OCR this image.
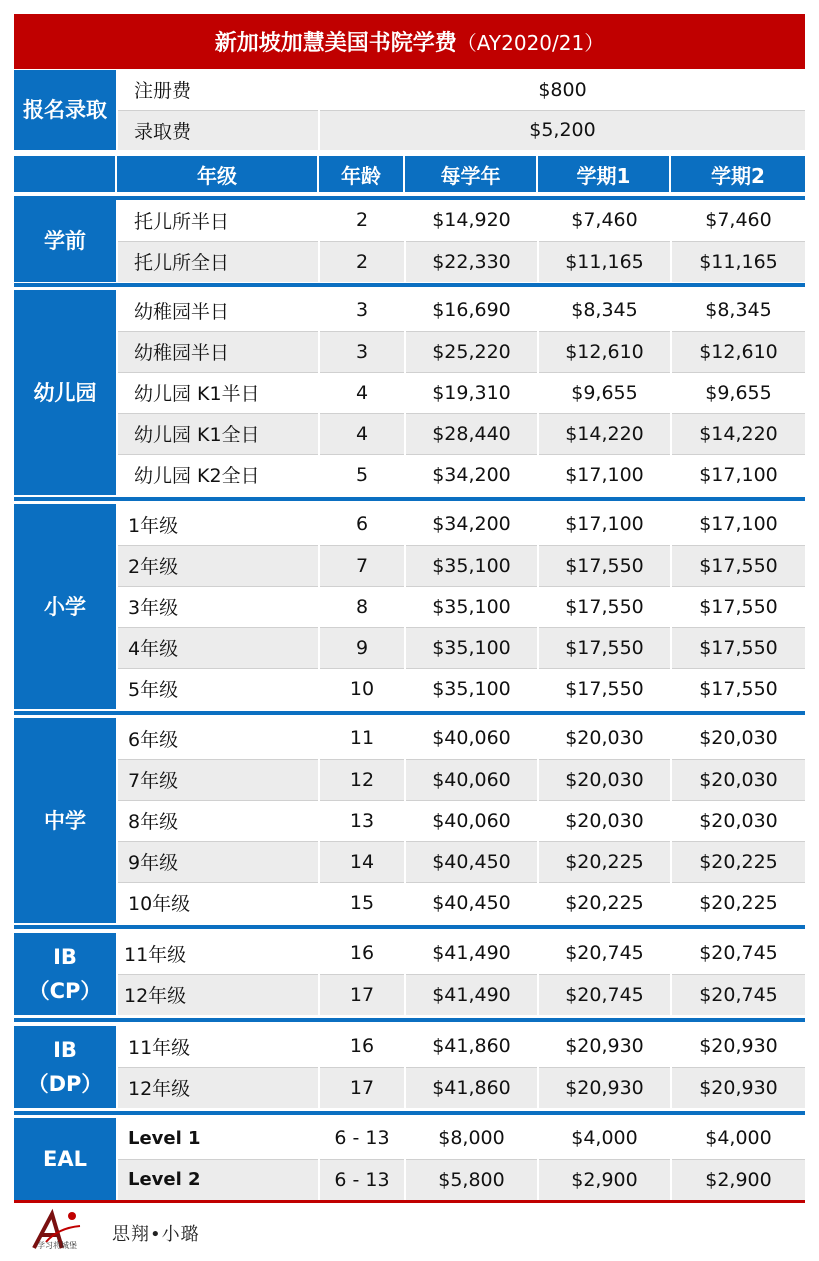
新加坡加慧美国书院学费 （AY2020/21）
报名录取	注册费	$800
	录取费	$5,200
年级	年龄	每学年	学期1	学期2
学前	托儿所半日	2	$14,920	$7,460	$7,460
	托儿所全日	2	$22,330	$11,165	$11,165
幼儿园	幼稚园半日	3	$16,690	$8,345	$8,345
	幼稚园半日	3	$25,220	$12,610	$12,610
	幼儿园 K1半日	4	$19,310	$9,655	$9,655
	幼儿园 K1全日	4	$28,440	$14,220	$14,220
	幼儿园 K2全日	5	$34,200	$17,100	$17,100
小学	1年级	6	$34,200	$17,100	$17,100
	2年级	7	$35,100	$17,550	$17,550
	3年级	8	$35,100	$17,550	$17,550
	4年级	9	$35,100	$17,550	$17,550
	5年级	10	$35,100	$17,550	$17,550
中学	6年级	11	$40,060	$20,030	$20,030
	7年级	12	$40,060	$20,030	$20,030
	8年级	13	$40,060	$20,030	$20,030
	9年级	14	$40,450	$20,225	$20,225
	10年级	15	$40,450	$20,225	$20,225
IB
（CP）	11年级	16	$41,490	$20,745	$20,745
	12年级	17	$41,490	$20,745	$20,745
IB
（DP）	11年级	16	$41,860	$20,930	$20,930
	12年级	17	$41,860	$20,930	$20,930
EAL	Level 1	6 - 13	$8,000	$4,000	$4,000
	Level 2	6 - 13	$5,800	$2,900	$2,900
学习将城堡
思翔•小璐
